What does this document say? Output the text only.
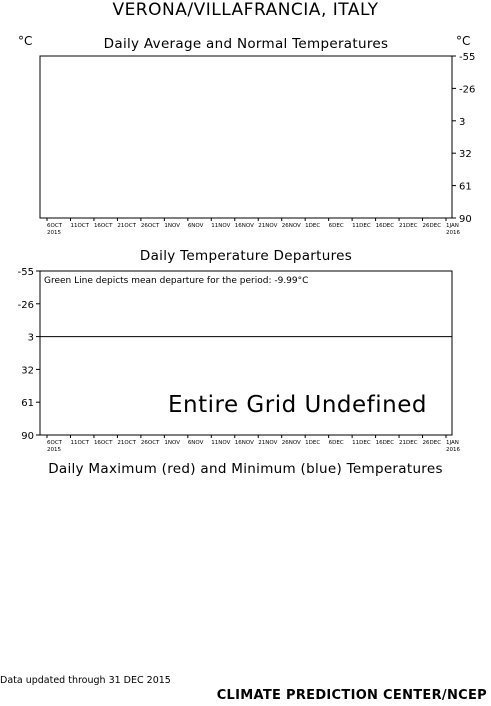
VERONA/VILLAFRANCIA, ITALY
°C	°C
Daily Average and Normal Temperatures
Daily Temperature Departures
Daily Maximum (red) and Minimum (blue) Temperatures
Green Line depicts mean departure for the period: -9.99°C
Entire Grid Undefined
-55
-26
3
32
61
90
6OCT
2015
11OCT 16OCT 21OCT 26OCT 1NOV 6NOV 11NOV 16NOV 21NOV 26NOV 1DEC 6DEC 11DEC 16DEC 21DEC 26DEC 1JAN
2016
-55
-26
3
32
61
90
6OCT
2015
11OCT 16OCT 21OCT 26OCT 1NOV 6NOV 11NOV 16NOV 21NOV 26NOV 1DEC 6DEC 11DEC 16DEC 21DEC 26DEC 1JAN
2016
Data updated through 31 DEC 2015
CLIMATE PREDICTION CENTER/NCEP
